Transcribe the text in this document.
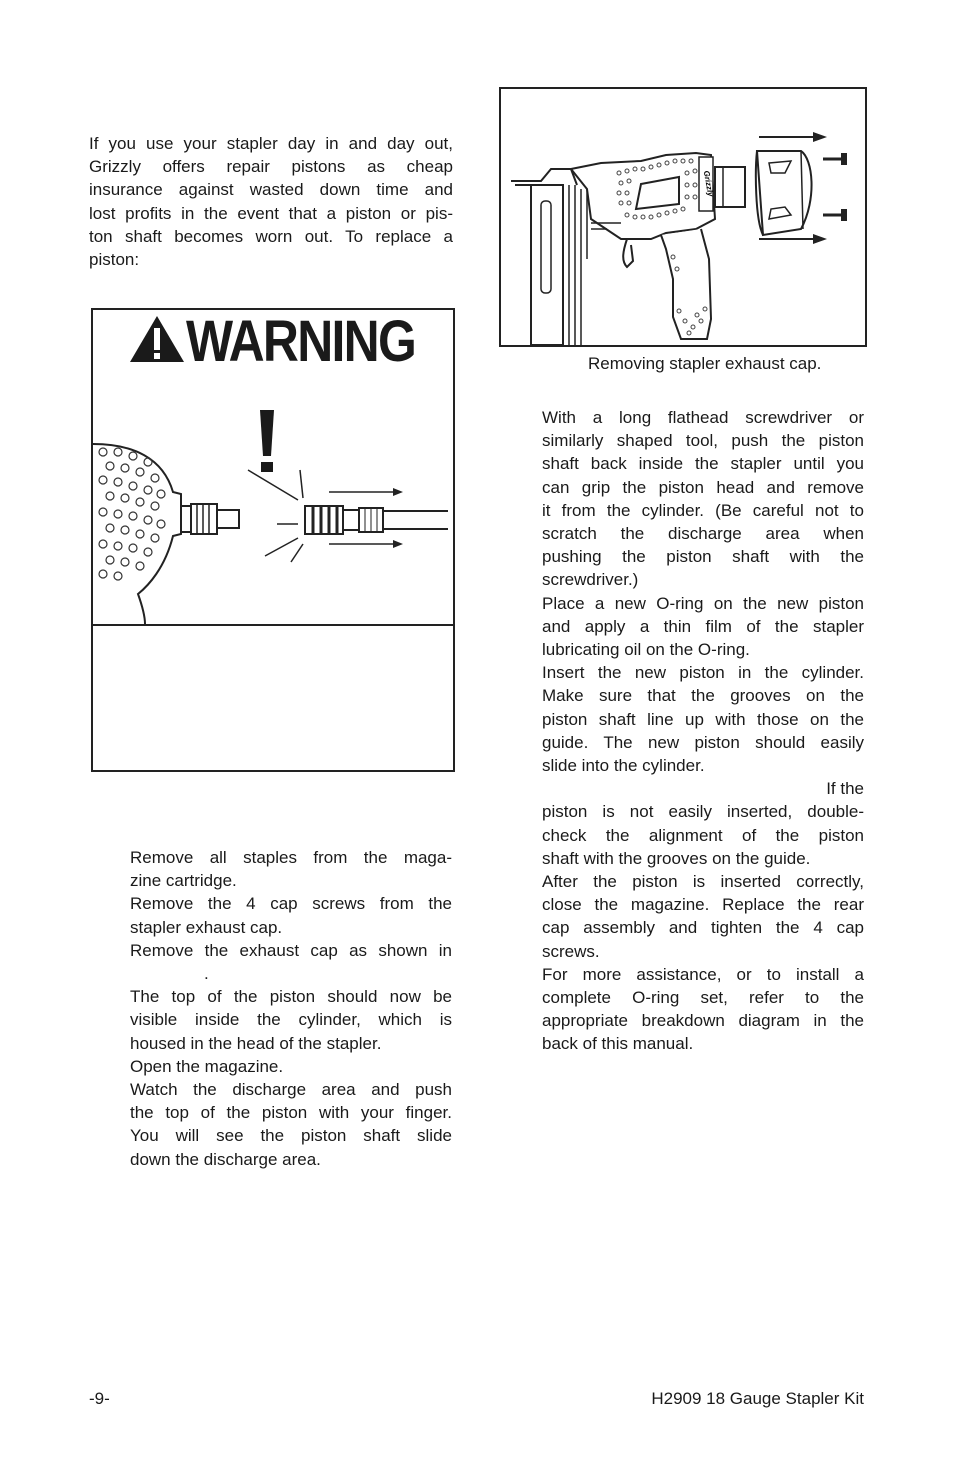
If you use your stapler day in and day out,
Grizzly offers repair pistons as cheap
insurance against wasted down time and
lost profits in the event that a piston or pis-
ton shaft becomes worn out. To replace a
piston:
WARNING
Grizzly
Removing stapler exhaust cap.
Remove all staples from the maga-
zine cartridge.
Remove the 4 cap screws from the
stapler exhaust cap.
Remove the exhaust cap as shown in
.
The top of the piston should now be
visible inside the cylinder, which is
housed in the head of the stapler.
Open the magazine.
Watch the discharge area and push
the top of the piston with your finger.
You will see the piston shaft slide
down the discharge area.
With a long flathead screwdriver or
similarly shaped tool, push the piston
shaft back inside the stapler until you
can grip the piston head and remove
it from the cylinder. (Be careful not to
scratch the discharge area when
pushing the piston shaft with the
screwdriver.)
Place a new O-ring on the new piston
and apply a thin film of the stapler
lubricating oil on the O-ring.
Insert the new piston in the cylinder.
Make sure that the grooves on the
piston shaft line up with those on the
guide. The new piston should easily
slide into the cylinder.
If the
piston is not easily inserted, double-
check the alignment of the piston
shaft with the grooves on the guide.
After the piston is inserted correctly,
close the magazine. Replace the rear
cap assembly and tighten the 4 cap
screws.
For more assistance, or to install a
complete O-ring set, refer to the
appropriate breakdown diagram in the
back of this manual.
-9-	H2909 18 Gauge Stapler Kit
